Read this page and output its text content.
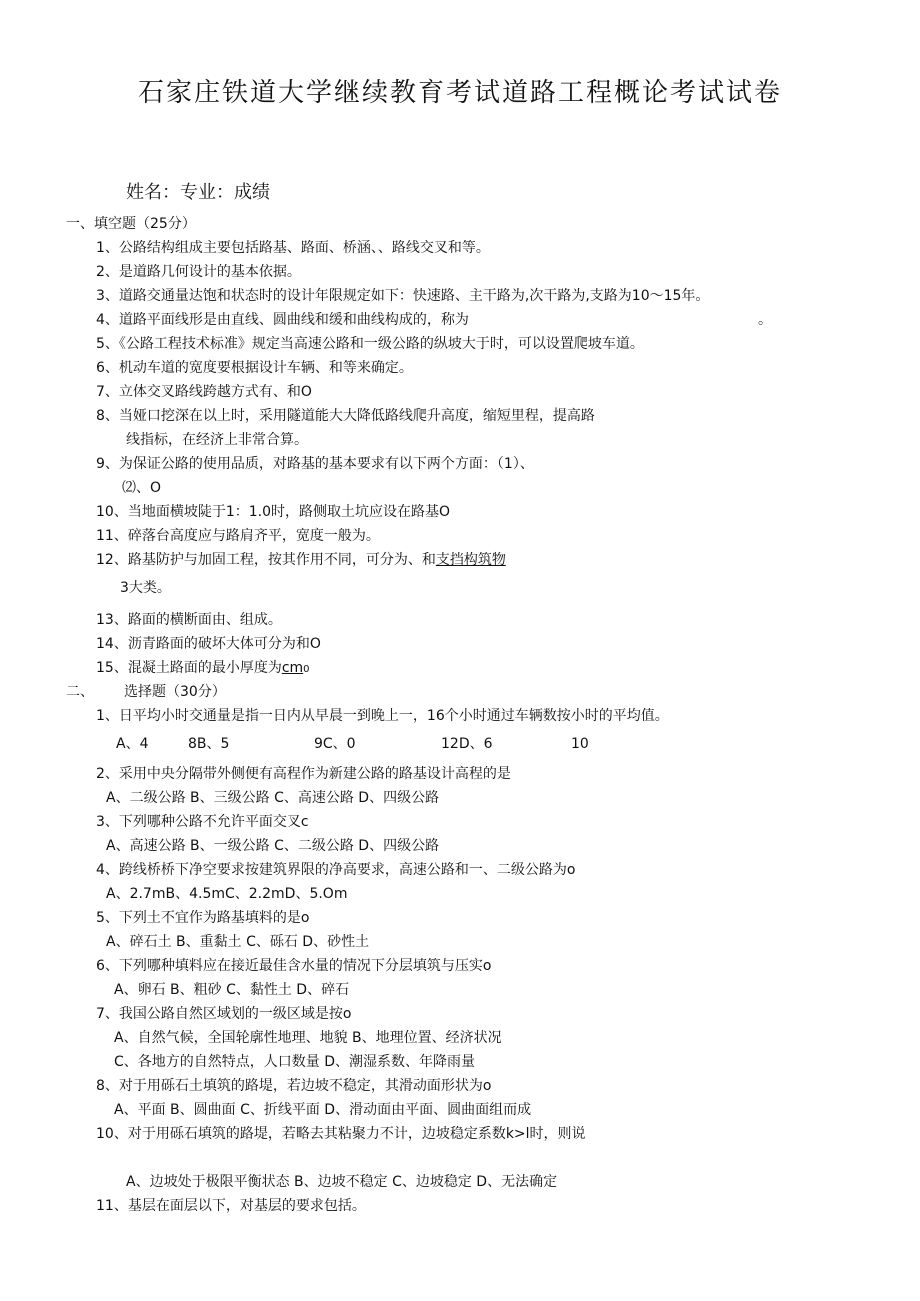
石家庄铁道大学继续教育考试道路工程概论考试试卷
姓名：专业：成绩
一、填空题（25分）
1、公路结构组成主要包括路基、路面、桥涵、、路线交叉和等。
2、是道路几何设计的基本依据。
3、道路交通量达饱和状态时的设计年限规定如下：快速路、主干路为,次干路为,支路为10～15年。
4、道路平面线形是由直线、圆曲线和缓和曲线构成的，称为	。
5、《公路工程技术标准》规定当高速公路和一级公路的纵坡大于时，可以设置爬坡车道。
6、机动车道的宽度要根据设计车辆、和等来确定。
7、立体交叉路线跨越方式有、和O
8、当娅口挖深在以上时，采用隧道能大大降低路线爬升高度，缩短里程，提高路
线指标，在经济上非常合算。
9、为保证公路的使用品质，对路基的基本要求有以下两个方面：（1）、
⑵、O
10、当地面横坡陡于1：1.0时，路侧取土坑应设在路基O
11、碎落台高度应与路肩齐平，宽度一般为。
12、路基防护与加固工程，按其作用不同，可分为、和支挡构筑物
3大类。
13、路面的横断面由、组成。
14、沥青路面的破坏大体可分为和O
15、混凝土路面的最小厚度为cm0
二、 选择题（30分）
1、日平均小时交通量是指一日内从早晨一到晚上一，16个小时通过车辆数按小时的平均值。
A、4	8B、5	9C、0	12D、6	10
2、采用中央分隔带外侧便有高程作为新建公路的路基设计高程的是
A、二级公路 B、三级公路 C、高速公路 D、四级公路
3、下列哪种公路不允许平面交叉c
A、高速公路 B、一级公路 C、二级公路 D、四级公路
4、跨线桥桥下净空要求按建筑界限的净高要求，高速公路和一、二级公路为o
A、2.7mB、4.5mC、2.2mD、5.Om
5、下列土不宜作为路基填料的是o
A、碎石土 B、重黏土 C、砾石 D、砂性土
6、下列哪种填料应在接近最佳含水量的情况下分层填筑与压实o
A、卵石 B、粗砂 C、黏性土 D、碎石
7、我国公路自然区域划的一级区域是按o
A、自然气候，全国轮廓性地理、地貌 B、地理位置、经济状况
C、各地方的自然特点，人口数量 D、潮湿系数、年降雨量
8、对于用砾石土填筑的路堤，若边坡不稳定，其滑动面形状为o
A、平面 B、圆曲面 C、折线平面 D、滑动面由平面、圆曲面组而成
10、对于用砾石填筑的路堤，若略去其粘聚力不计，边坡稳定系数k>l时，则说
A、边坡处于极限平衡状态 B、边坡不稳定 C、边坡稳定 D、无法确定
11、基层在面层以下，对基层的要求包括。
